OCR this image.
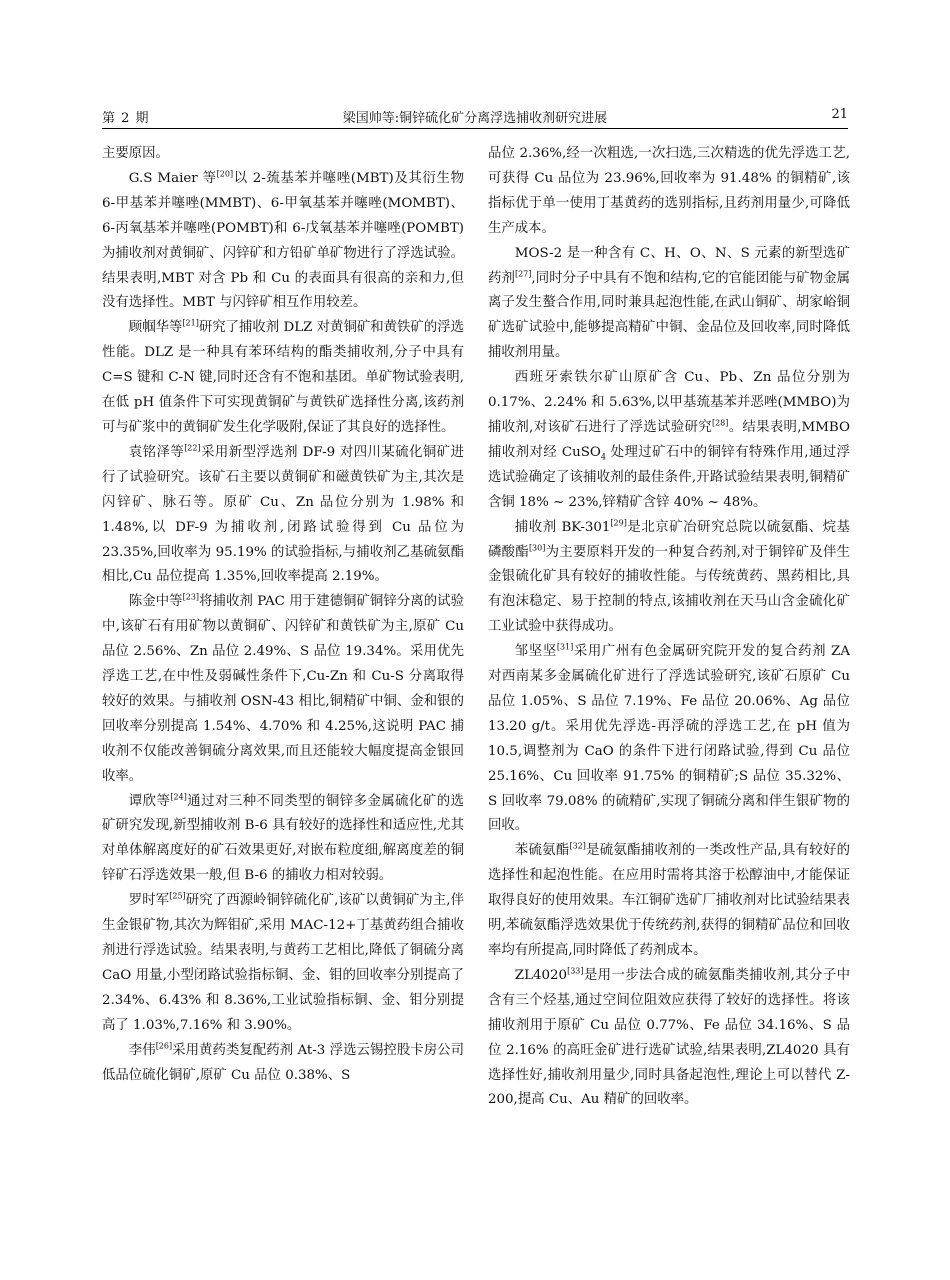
第 2 期	梁国帅等:铜锌硫化矿分离浮选捕收剂研究进展	21

主要原因。

G.S Maier 等[20]以 2-巯基苯并噻唑(MBT)及其衍生物 6-甲基苯并噻唑(MMBT)、6-甲氧基苯并噻唑(MOMBT)、6-丙氧基苯并噻唑(POMBT)和 6-戊氧基苯并噻唑(POMBT)为捕收剂对黄铜矿、闪锌矿和方铅矿单矿物进行了浮选试验。结果表明,MBT 对含 Pb 和 Cu 的表面具有很高的亲和力,但没有选择性。MBT 与闪锌矿相互作用较差。

顾帼华等[21]研究了捕收剂 DLZ 对黄铜矿和黄铁矿的浮选性能。DLZ 是一种具有苯环结构的酯类捕收剂,分子中具有 C=S 键和 C-N 键,同时还含有不饱和基团。单矿物试验表明,在低 pH 值条件下可实现黄铜矿与黄铁矿选择性分离,该药剂可与矿浆中的黄铜矿发生化学吸附,保证了其良好的选择性。

袁铭泽等[22]采用新型浮选剂 DF-9 对四川某硫化铜矿进行了试验研究。该矿石主要以黄铜矿和磁黄铁矿为主,其次是闪锌矿、脉石等。原矿 Cu、Zn 品位分别为 1.98% 和 1.48%,以 DF-9 为捕收剂,闭路试验得到 Cu 品位为 23.35%,回收率为 95.19% 的试验指标,与捕收剂乙基硫氨酯相比,Cu 品位提高 1.35%,回收率提高 2.19%。

陈金中等[23]将捕收剂 PAC 用于建德铜矿铜锌分离的试验中,该矿石有用矿物以黄铜矿、闪锌矿和黄铁矿为主,原矿 Cu 品位 2.56%、Zn 品位 2.49%、S 品位 19.34%。采用优先浮选工艺,在中性及弱碱性条件下,Cu-Zn 和 Cu-S 分离取得较好的效果。与捕收剂 OSN-43 相比,铜精矿中铜、金和银的回收率分别提高 1.54%、4.70% 和 4.25%,这说明 PAC 捕收剂不仅能改善铜硫分离效果,而且还能较大幅度提高金银回收率。

谭欣等[24]通过对三种不同类型的铜锌多金属硫化矿的选矿研究发现,新型捕收剂 B-6 具有较好的选择性和适应性,尤其对单体解离度好的矿石效果更好,对嵌布粒度细,解离度差的铜锌矿石浮选效果一般,但 B-6 的捕收力相对较弱。

罗时军[25]研究了西源岭铜锌硫化矿,该矿以黄铜矿为主,伴生金银矿物,其次为辉钼矿,采用 MAC-12+丁基黄药组合捕收剂进行浮选试验。结果表明,与黄药工艺相比,降低了铜硫分离 CaO 用量,小型闭路试验指标铜、金、钼的回收率分别提高了 2.34%、6.43% 和 8.36%,工业试验指标铜、金、钼分别提高了 1.03%,7.16% 和 3.90%。

李伟[26]采用黄药类复配药剂 At-3 浮选云锡控股卡房公司低品位硫化铜矿,原矿 Cu 品位 0.38%、S

品位 2.36%,经一次粗选,一次扫选,三次精选的优先浮选工艺,可获得 Cu 品位为 23.96%,回收率为 91.48% 的铜精矿,该指标优于单一使用丁基黄药的选别指标,且药剂用量少,可降低生产成本。

MOS-2 是一种含有 C、H、O、N、S 元素的新型选矿药剂[27],同时分子中具有不饱和结构,它的官能团能与矿物金属离子发生螯合作用,同时兼具起泡性能,在武山铜矿、胡家峪铜矿选矿试验中,能够提高精矿中铜、金品位及回收率,同时降低捕收剂用量。

西班牙索铁尔矿山原矿含 Cu、Pb、Zn 品位分别为 0.17%、2.24% 和 5.63%,以甲基巯基苯并恶唑(MMBO)为捕收剂,对该矿石进行了浮选试验研究[28]。结果表明,MMBO 捕收剂对经 CuSO$_4$ 处理过矿石中的铜锌有特殊作用,通过浮选试验确定了该捕收剂的最佳条件,开路试验结果表明,铜精矿含铜 18% ~ 23%,锌精矿含锌 40% ~ 48%。

捕收剂 BK-301[29]是北京矿冶研究总院以硫氨酯、烷基磷酸酯[30]为主要原料开发的一种复合药剂,对于铜锌矿及伴生金银硫化矿具有较好的捕收性能。与传统黄药、黑药相比,具有泡沫稳定、易于控制的特点,该捕收剂在天马山含金硫化矿工业试验中获得成功。

邹坚坚[31]采用广州有色金属研究院开发的复合药剂 ZA 对西南某多金属硫化矿进行了浮选试验研究,该矿石原矿 Cu 品位 1.05%、S 品位 7.19%、Fe 品位 20.06%、Ag 品位 13.20 g/t。采用优先浮选-再浮硫的浮选工艺,在 pH 值为 10.5,调整剂为 CaO 的条件下进行闭路试验,得到 Cu 品位 25.16%、Cu 回收率 91.75% 的铜精矿;S 品位 35.32%、S 回收率 79.08% 的硫精矿,实现了铜硫分离和伴生银矿物的回收。

苯硫氨酯[32]是硫氨酯捕收剂的一类改性产品,具有较好的选择性和起泡性能。在应用时需将其溶于松醇油中,才能保证取得良好的使用效果。车江铜矿选矿厂捕收剂对比试验结果表明,苯硫氨酯浮选效果优于传统药剂,获得的铜精矿品位和回收率均有所提高,同时降低了药剂成本。

ZL4020[33]是用一步法合成的硫氨酯类捕收剂,其分子中含有三个烃基,通过空间位阻效应获得了较好的选择性。将该捕收剂用于原矿 Cu 品位 0.77%、Fe 品位 34.16%、S 品位 2.16% 的高旺金矿进行选矿试验,结果表明,ZL4020 具有选择性好,捕收剂用量少,同时具备起泡性,理论上可以替代 Z-200,提高 Cu、Au 精矿的回收率。
